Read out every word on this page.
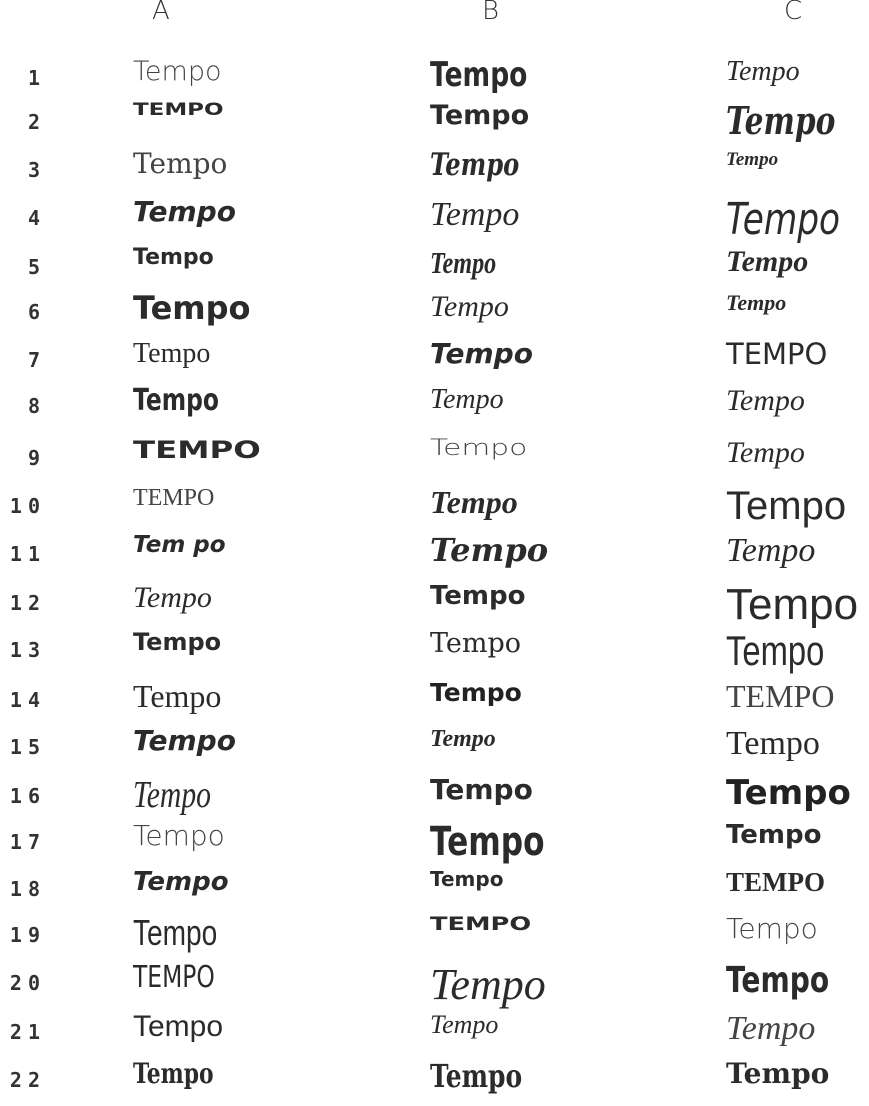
A	B	C
1	Tempo	Tempo	Tempo
2	TEMPO	Tempo	Tempo
3	Tempo	Tempo	Tempo
4	Tempo	Tempo	Tempo
5	Tempo	Tempo	Tempo
6	Tempo	Tempo	Tempo
7	Tempo	Tempo	TEMPO
8	Tempo	Tempo	Tempo
9	TEMPO	Tempo	Tempo
10	TEMPO	Tempo	Tempo
11	Tem po	Tempo	Tempo
12	Tempo	Tempo	Tempo
13	Tempo	Tempo	Tempo
14	Tempo	Tempo	TEMPO
15	Tempo	Tempo	Tempo
16 Tempo	Tempo	Tempo
17	Tempo	Tempo	Tempo
18	Tempo	Tempo	TEMPO
19 Tempo	TEMPO	Tempo
20	TEMPO	Tempo	Tempo
21	Tempo	Tempo	Tempo
22	Tempo	Tempo	Tempo
